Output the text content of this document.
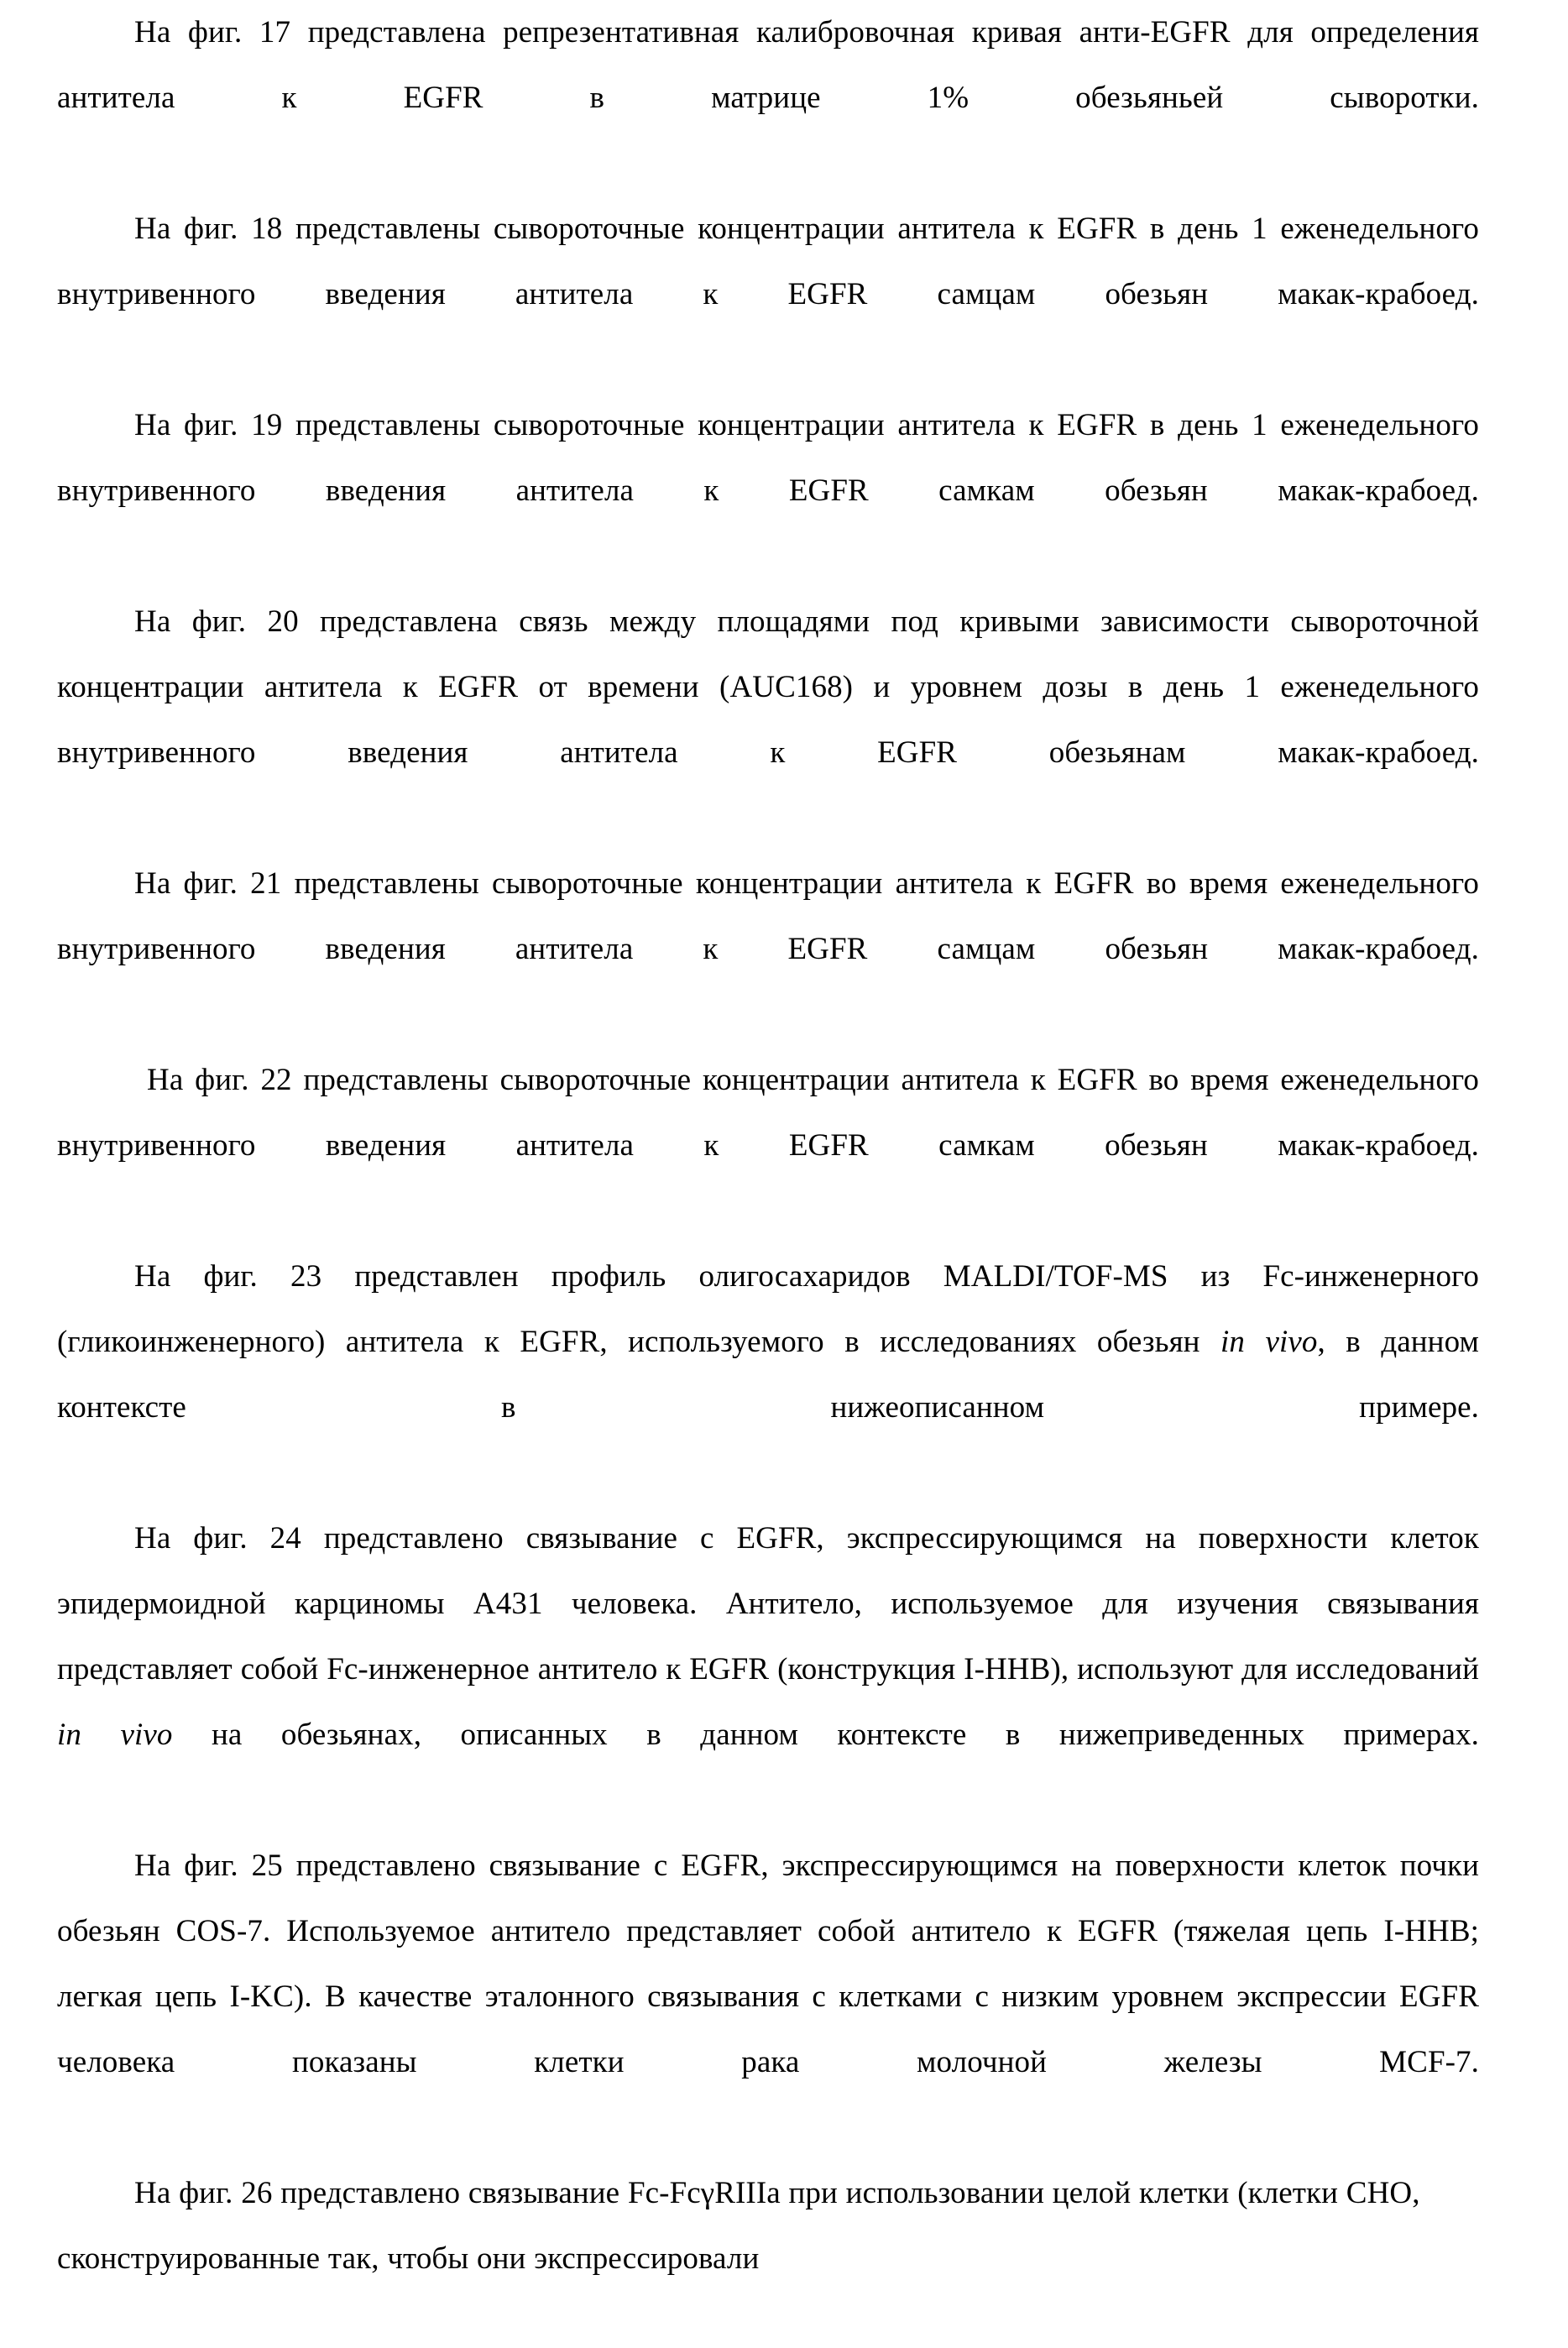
На фиг. 17 представлена репрезентативная калибровочная кривая анти-EGFR для определения антитела к EGFR в матрице 1% обезьяньей сыворотки.

На фиг. 18 представлены сывороточные концентрации антитела к EGFR в день 1 еженедельного внутривенного введения антитела к EGFR самцам обезьян макак-крабоед.

На фиг. 19 представлены сывороточные концентрации антитела к EGFR в день 1 еженедельного внутривенного введения антитела к EGFR самкам обезьян макак-крабоед.

На фиг. 20 представлена связь между площадями под кривыми зависимости сывороточной концентрации антитела к EGFR от времени (AUC168) и уровнем дозы в день 1 еженедельного внутривенного введения антитела к EGFR обезьянам макак-крабоед.

На фиг. 21 представлены сывороточные концентрации антитела к EGFR во время еженедельного внутривенного введения антитела к EGFR самцам обезьян макак-крабоед.

На фиг. 22 представлены сывороточные концентрации антитела к EGFR во время еженедельного внутривенного введения антитела к EGFR самкам обезьян макак-крабоед.

На фиг. 23 представлен профиль олигосахаридов MALDI/TOF-MS из Fc-инженерного (гликоинженерного) антитела к EGFR, используемого в исследованиях обезьян in vivo, в данном контексте в нижеописанном примере.

На фиг. 24 представлено связывание с EGFR, экспрессирующимся на поверхности клеток эпидермоидной карциномы A431 человека. Антитело, используемое для изучения связывания представляет собой Fc-инженерное антитело к EGFR (конструкция I-HHB), используют для исследований in vivo на обезьянах, описанных в данном контексте в нижеприведенных примерах.

На фиг. 25 представлено связывание с EGFR, экспрессирующимся на поверхности клеток почки обезьян COS-7. Используемое антитело представляет собой антитело к EGFR (тяжелая цепь I-HHB; легкая цепь I-KC). В качестве эталонного связывания с клетками с низким уровнем экспрессии EGFR человека показаны клетки рака молочной железы MCF-7.

На фиг. 26 представлено связывание Fc-FcγRIIIa при использовании целой клетки (клетки CHO, сконструированные так, чтобы они экспрессировали
